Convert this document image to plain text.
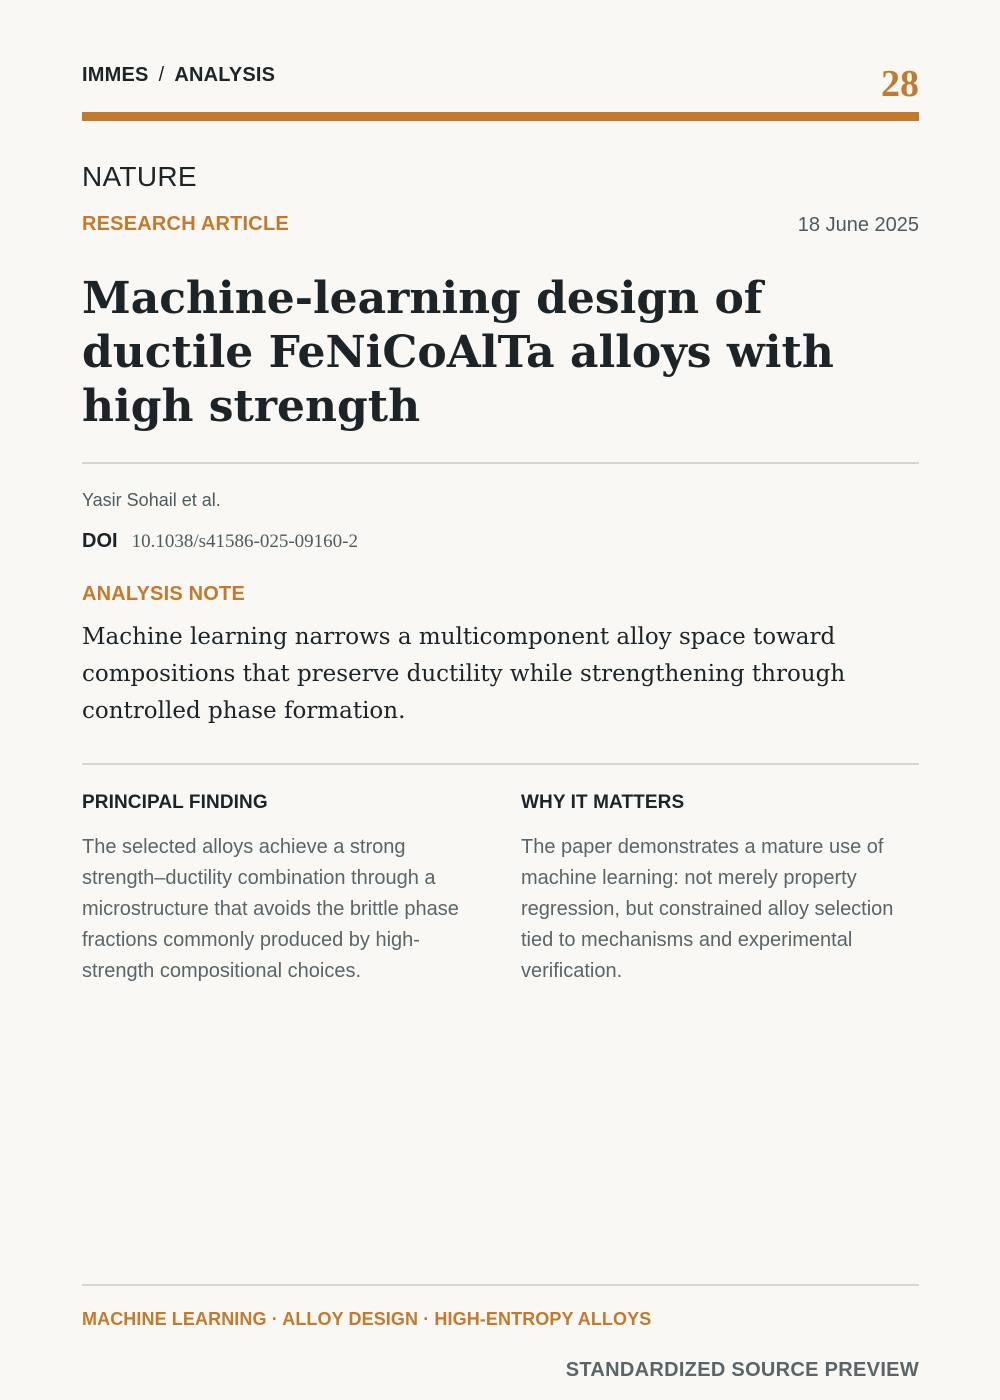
IMMES / ANALYSIS	28
NATURE
RESEARCH ARTICLE	18 June 2025
Machine-learning design of ductile FeNiCoAlTa alloys with high strength
Yasir Sohail et al.
DOI 10.1038/s41586-025-09160-2
ANALYSIS NOTE

Machine learning narrows a multicomponent alloy space toward compositions that preserve ductility while strengthening through controlled phase formation.

PRINCIPAL FINDING

The selected alloys achieve a strong strength–ductility combination through a microstructure that avoids the brittle phase fractions commonly produced by high-strength compositional choices.

WHY IT MATTERS

The paper demonstrates a mature use of machine learning: not merely property regression, but constrained alloy selection tied to mechanisms and experimental verification.

MACHINE LEARNING · ALLOY DESIGN · HIGH-ENTROPY ALLOYS
STANDARDIZED SOURCE PREVIEW
